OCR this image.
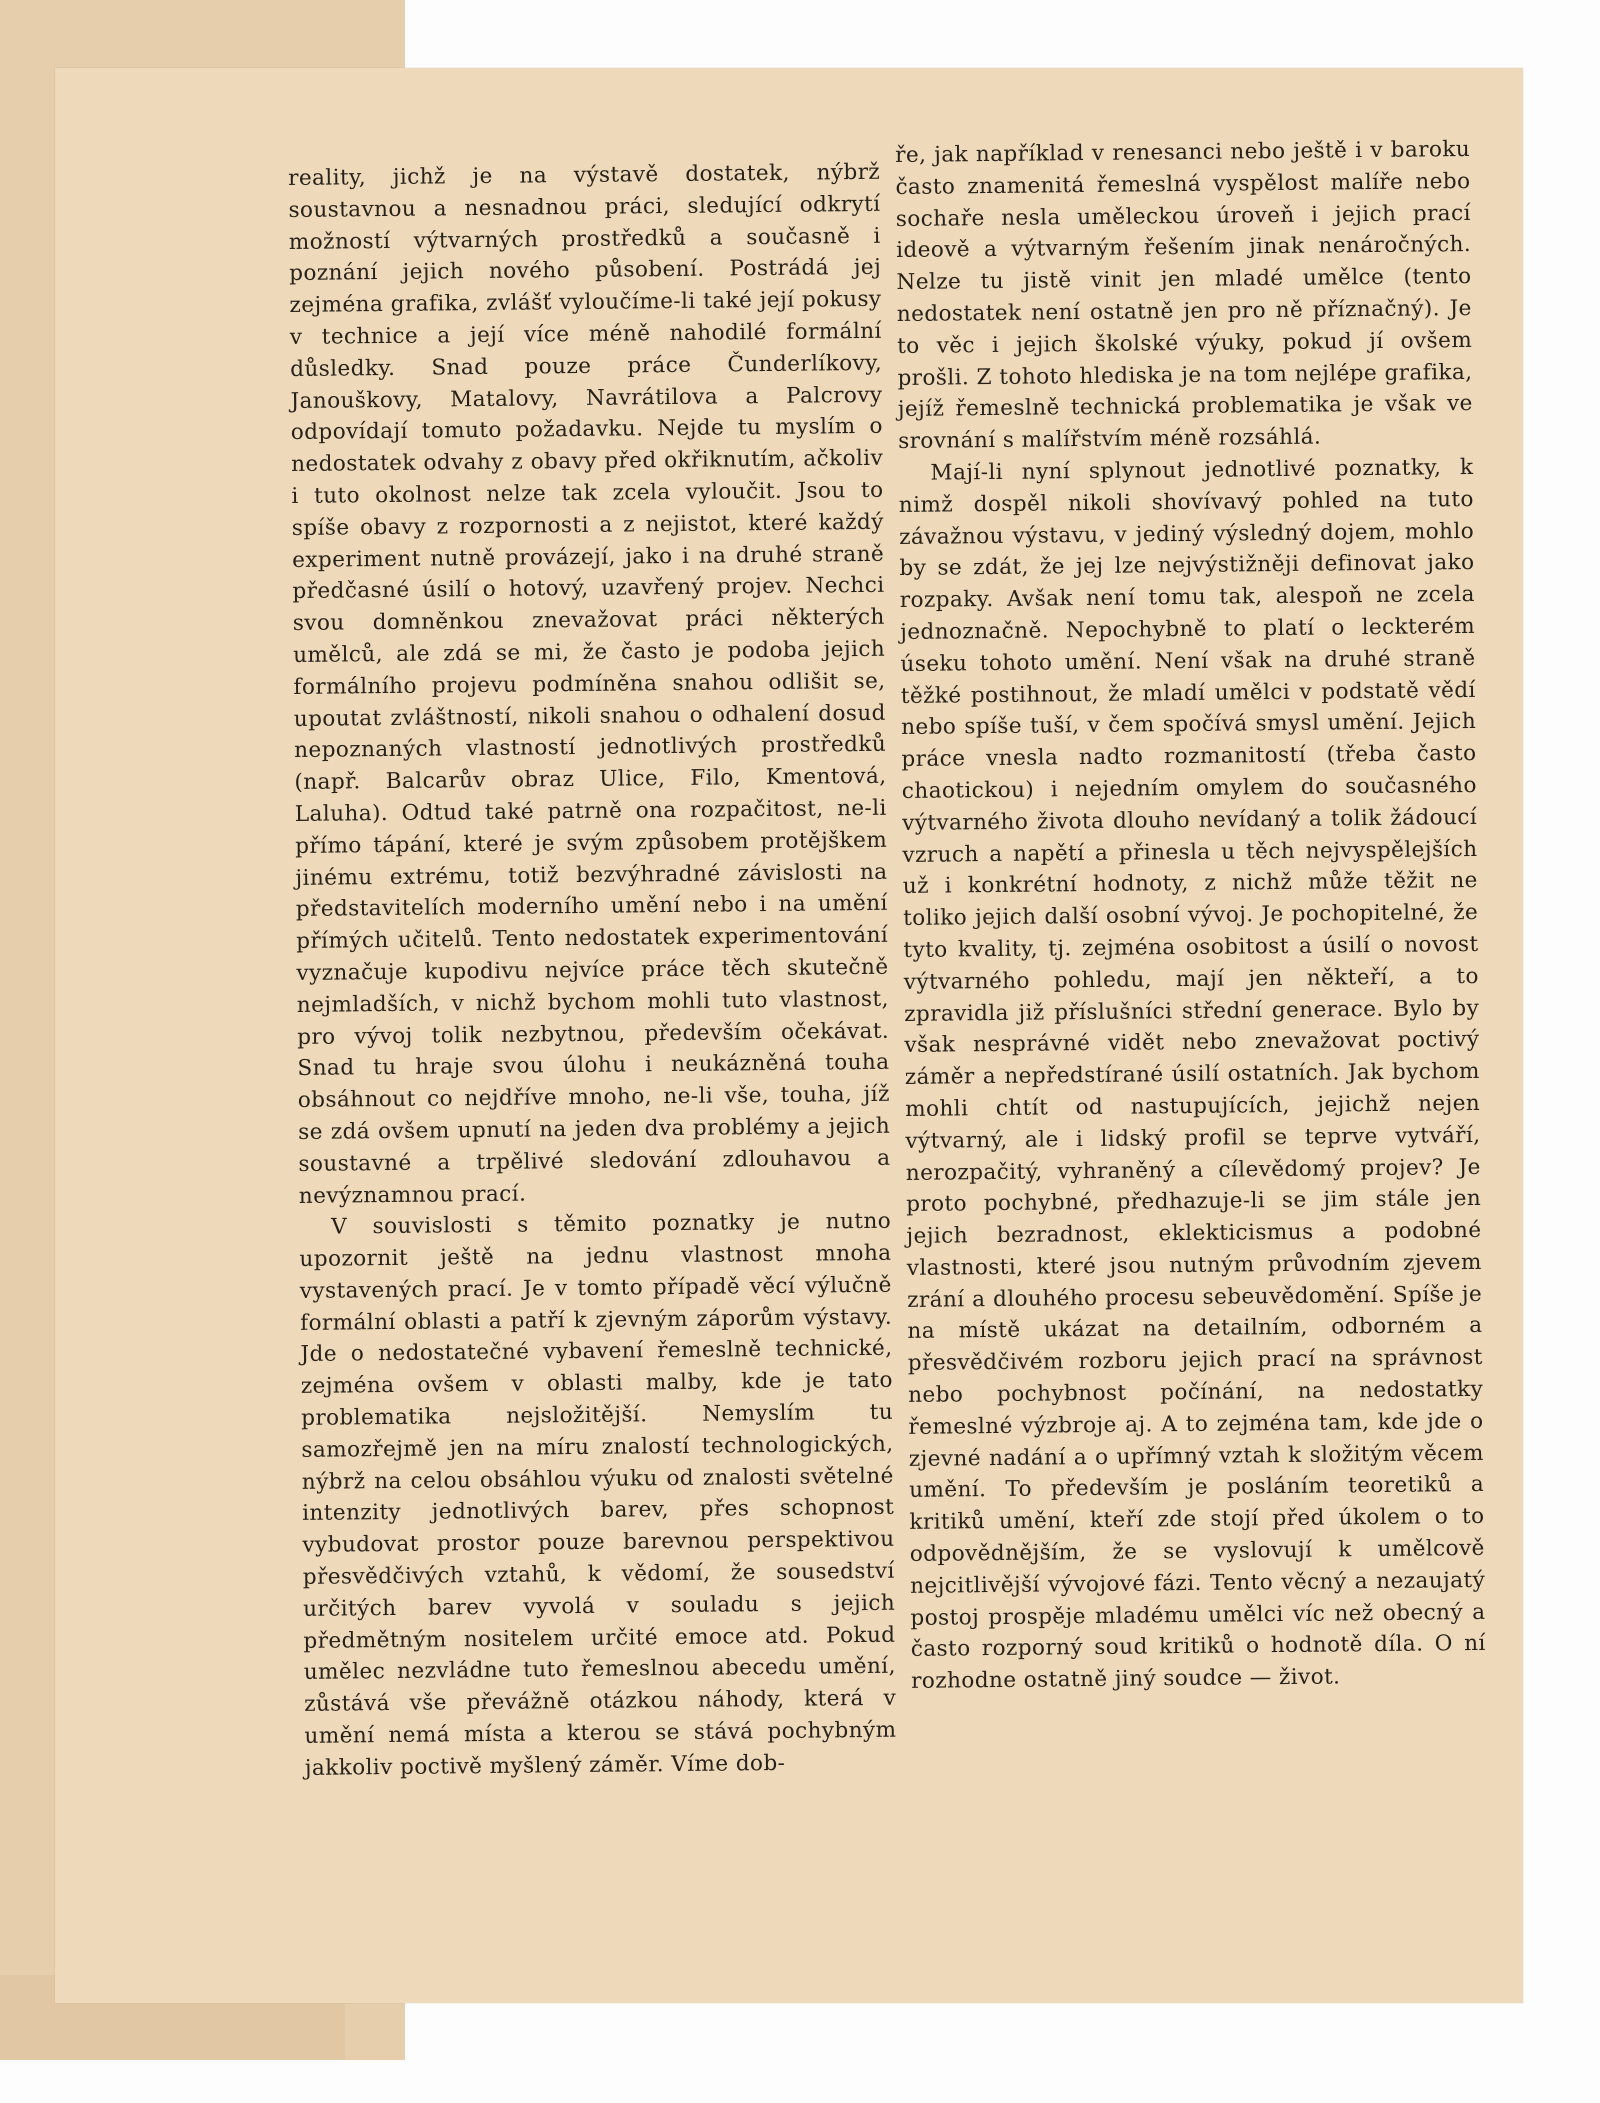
reality, jichž je na výstavě dostatek, nýbrž soustavnou a nesnadnou práci, sledující odkrytí možností výtvarných prostředků a současně i poznání jejich nového působení. Postrádá jej zejména grafika, zvlášť vyloučíme-li také její pokusy v technice a její více méně nahodilé formální důsledky. Snad pouze práce Čunderlíkovy, Janouškovy, Matalovy, Navrátilova a Palcrovy odpovídají tomuto požadavku. Nejde tu myslím o nedostatek odvahy z obavy před okřiknutím, ačkoliv i tuto okolnost nelze tak zcela vyloučit. Jsou to spíše obavy z rozpornosti a z nejistot, které každý experiment nutně provázejí, jako i na druhé straně předčasné úsilí o hotový, uzavřený projev. Nechci svou domněnkou znevažovat práci některých umělců, ale zdá se mi, že často je podoba jejich formálního projevu podmíněna snahou odlišit se, upoutat zvláštností, nikoli snahou o odhalení dosud nepoznaných vlastností jednotlivých prostředků (např. Balcarův obraz Ulice, Filo, Kmentová, Laluha). Odtud také patrně ona rozpačitost, ne-li přímo tápání, které je svým způsobem protějškem jinému extrému, totiž bezvýhradné závislosti na představitelích moderního umění nebo i na umění přímých učitelů. Tento nedostatek experimentování vyznačuje kupodivu nejvíce práce těch skutečně nejmladších, v nichž bychom mohli tuto vlastnost, pro vývoj tolik nezbytnou, především očekávat. Snad tu hraje svou úlohu i neukázněná touha obsáhnout co nejdříve mnoho, ne-li vše, touha, jíž se zdá ovšem upnutí na jeden dva problémy a jejich soustavné a trpělivé sledování zdlouhavou a nevýznamnou prací.

V souvislosti s těmito poznatky je nutno upozornit ještě na jednu vlastnost mnoha vystavených prací. Je v tomto případě věcí výlučně formální oblasti a patří k zjevným záporům výstavy. Jde o nedostatečné vybavení řemeslně technické, zejména ovšem v oblasti malby, kde je tato problematika nejsložitější. Nemyslím tu samozřejmě jen na míru znalostí technologických, nýbrž na celou obsáhlou výuku od znalosti světelné intenzity jednotlivých barev, přes schopnost vybudovat prostor pouze barevnou perspektivou přesvědčivých vztahů, k vědomí, že sousedství určitých barev vyvolá v souladu s jejich předmětným nositelem určité emoce atd. Pokud umělec nezvládne tuto řemeslnou abecedu umění, zůstává vše převážně otázkou náhody, která v umění nemá místa a kterou se stává pochybným jakkoliv poctivě myšlený záměr. Víme dob-

ře, jak například v renesanci nebo ještě i v baroku často znamenitá řemeslná vyspělost malíře nebo sochaře nesla uměleckou úroveň i jejich prací ideově a výtvarným řešením jinak nenáročných. Nelze tu jistě vinit jen mladé umělce (tento nedostatek není ostatně jen pro ně příznačný). Je to věc i jejich školské výuky, pokud jí ovšem prošli. Z tohoto hlediska je na tom nejlépe grafika, jejíž řemeslně technická problematika je však ve srovnání s malířstvím méně rozsáhlá.

Mají-li nyní splynout jednotlivé poznatky, k nimž dospěl nikoli shovívavý pohled na tuto závažnou výstavu, v jediný výsledný dojem, mohlo by se zdát, že jej lze nejvýstižněji definovat jako rozpaky. Avšak není tomu tak, alespoň ne zcela jednoznačně. Nepochybně to platí o leckterém úseku tohoto umění. Není však na druhé straně těžké postihnout, že mladí umělci v podstatě vědí nebo spíše tuší, v čem spočívá smysl umění. Jejich práce vnesla nadto rozmanitostí (třeba často chaotickou) i nejedním omylem do současného výtvarného života dlouho nevídaný a tolik žádoucí vzruch a napětí a přinesla u těch nejvyspělejších už i konkrétní hodnoty, z nichž může těžit ne toliko jejich další osobní vývoj. Je pochopitelné, že tyto kvality, tj. zejména osobitost a úsilí o novost výtvarného pohledu, mají jen někteří, a to zpravidla již příslušníci střední generace. Bylo by však nesprávné vidět nebo znevažovat poctivý záměr a nepředstírané úsilí ostatních. Jak bychom mohli chtít od nastupujících, jejichž nejen výtvarný, ale i lidský profil se teprve vytváří, nerozpačitý, vyhraněný a cílevědomý projev? Je proto pochybné, předhazuje-li se jim stále jen jejich bezradnost, eklekticismus a podobné vlastnosti, které jsou nutným průvodním zjevem zrání a dlouhého procesu sebeuvědomění. Spíše je na místě ukázat na detailním, odborném a přesvědčivém rozboru jejich prací na správnost nebo pochybnost počínání, na nedostatky řemeslné výzbroje aj. A to zejména tam, kde jde o zjevné nadání a o upřímný vztah k složitým věcem umění. To především je posláním teoretiků a kritiků umění, kteří zde stojí před úkolem o to odpovědnějším, že se vyslovují k umělcově nejcitlivější vývojové fázi. Tento věcný a nezaujatý postoj prospěje mladému umělci víc než obecný a často rozporný soud kritiků o hodnotě díla. O ní rozhodne ostatně jiný soudce — život.
